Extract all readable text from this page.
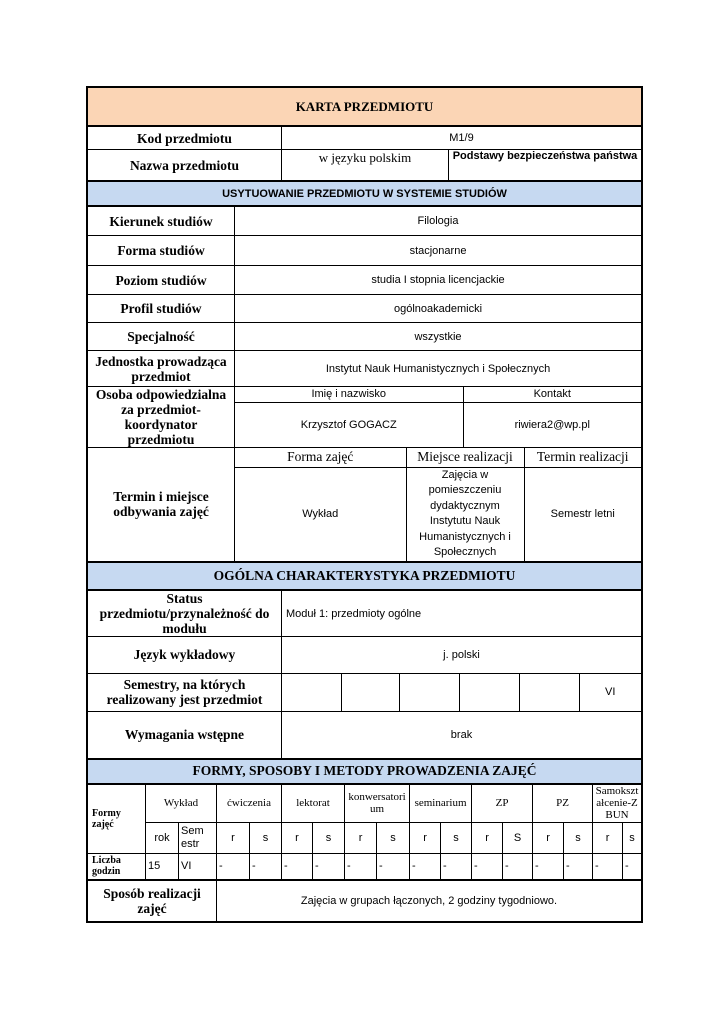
KARTA PRZEDMIOTU
Kod przedmiotu	M1/9	
Nazwa przedmiotu	w języku polskim	Podstawy bezpieczeństwa państwa
USYTUOWANIE PRZEDMIOTU W SYSTEMIE STUDIÓW
Kierunek studiów	Filologia
Forma studiów	stacjonarne
Poziom studiów	studia I stopnia licencjackie
Profil studiów	ogólnoakademicki
Specjalność	wszystkie
Jednostka prowadząca przedmiot	Instytut Nauk Humanistycznych i Społecznych
Osoba odpowiedzialna za przedmiot-koordynator przedmiotu	
Imię i nazwisko	Kontakt
Krzysztof GOGACZ	riwiera2@wp.pl

Termin i miejsce odbywania zajęć	
Forma zajęć	Miejsce realizacji	Termin realizacji
Wykład	Zajęcia w pomieszczeniu dydaktycznym Instytutu Nauk Humanistycznych i Społecznych	Semestr letni
OGÓLNA CHARAKTERYSTYKA PRZEDMIOTU
Status przedmiotu/przynależność do modułu	Moduł 1: przedmioty ogólne
Język wykładowy	j. polski
Semestry, na których realizowany jest przedmiot	
						VI

Wymagania wstępne	brak
FORMY, SPOSOBY I METODY PROWADZENIA ZAJĘĆ
Formy zajęć	Wykład		ćwiczenia		lektorat		konwersatorium		seminarium		ZP		PZ		Samokształcenie-ZBUN	
	rok	Sem estr	r	s	r	s	r	s	r	s	r	S	r	s	r	s
Liczba godzin	15	VI	-	-	-	-	-	-	-	-	-	-	-	-	-	-
Sposób realizacji zajęć	Zajęcia w grupach łączonych, 2 godziny tygodniowo.
